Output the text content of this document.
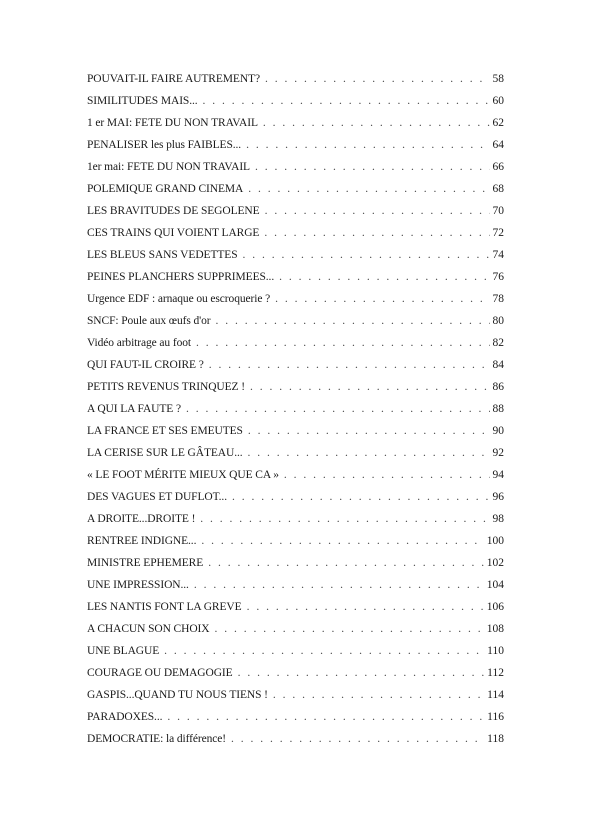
POUVAIT-IL FAIRE AUTREMENT? . . .	58
SIMILITUDES MAIS... . . .	60
1 er MAI: FETE DU NON TRAVAIL . . .	62
PENALISER les plus FAIBLES... . . .	64
1er mai: FETE DU NON TRAVAIL . . .	66
POLEMIQUE GRAND CINEMA . . .	68
LES BRAVITUDES DE SEGOLENE . . .	70
CES TRAINS QUI VOIENT LARGE . . .	72
LES BLEUS SANS VEDETTES . . .	74
PEINES PLANCHERS SUPPRIMEES... . . .	76
Urgence EDF : arnaque ou escroquerie ? . . .	78
SNCF: Poule aux œufs d'or . . .	80
Vidéo arbitrage au foot . . .	82
QUI FAUT-IL CROIRE ? . . .	84
PETITS REVENUS TRINQUEZ ! . . .	86
A QUI LA FAUTE ? . . .	88
LA FRANCE ET SES EMEUTES . . .	90
LA CERISE SUR LE GÂTEAU... . . .	92
« LE FOOT MÉRITE MIEUX QUE CA » . . .	94
DES VAGUES ET DUFLOT... . . .	96
A DROITE...DROITE ! . . .	98
RENTREE INDIGNE... . . .	100
MINISTRE EPHEMERE . . .	102
UNE IMPRESSION... . . .	104
LES NANTIS FONT LA GREVE . . .	106
A CHACUN SON CHOIX . . .	108
UNE BLAGUE . . .	110
COURAGE OU DEMAGOGIE . . .	112
GASPIS...QUAND TU NOUS TIENS ! . . .	114
PARADOXES... . . .	116
DEMOCRATIE: la différence! . . .	118
